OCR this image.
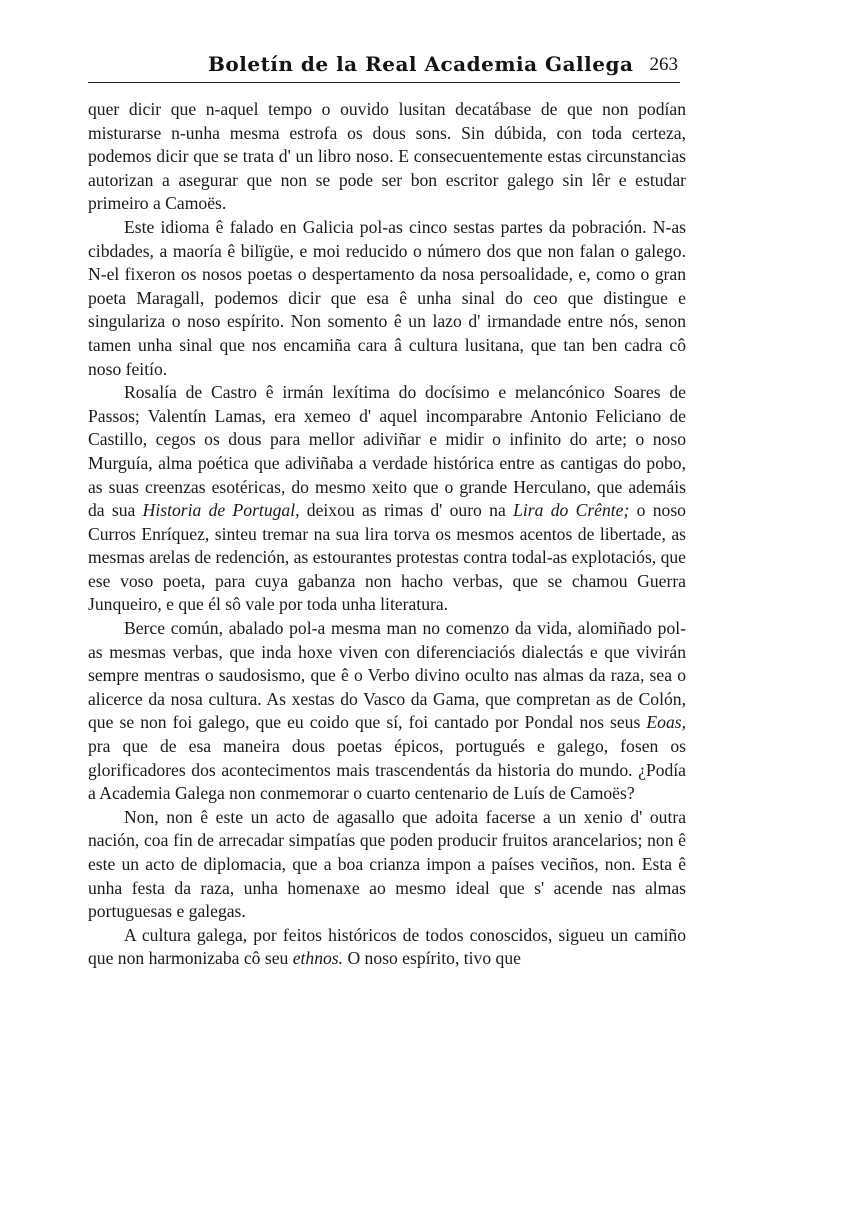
Boletín de la Real Academia Gallega 263

quer dicir que n-aquel tempo o ouvido lusitan decatábase de que non podían misturarse n-unha mesma estrofa os dous sons. Sin dúbida, con toda certeza, podemos dicir que se trata d' un libro noso. E consecuentemente estas circunstancias autorizan a asegurar que non se pode ser bon escritor galego sin lêr e estudar primeiro a Camoës.

Este idioma ê falado en Galicia pol-as cinco sestas partes da pobración. N-as cibdades, a maoría ê bilïgüe, e moi reducido o número dos que non falan o galego. N-el fixeron os nosos poetas o despertamento da nosa persoalidade, e, como o gran poeta Maragall, podemos dicir que esa ê unha sinal do ceo que distingue e singulariza o noso espírito. Non somento ê un lazo d' irmandade entre nós, senon tamen unha sinal que nos encamiña cara â cultura lusitana, que tan ben cadra cô noso feitío.

Rosalía de Castro ê irmán lexítima do docísimo e melancónico Soares de Passos; Valentín Lamas, era xemeo d' aquel incomparabre Antonio Feliciano de Castillo, cegos os dous para mellor adiviñar e midir o infinito do arte; o noso Murguía, alma poética que adiviñaba a verdade histórica entre as cantigas do pobo, as suas creenzas esotéricas, do mesmo xeito que o grande Herculano, que ademáis da sua Historia de Portugal, deixou as rimas d' ouro na Lira do Crênte; o noso Curros Enríquez, sinteu tremar na sua lira torva os mesmos acentos de libertade, as mesmas arelas de redención, as estourantes protestas contra todal-as explotaciós, que ese voso poeta, para cuya gabanza non hacho verbas, que se chamou Guerra Junqueiro, e que él sô vale por toda unha literatura.

Berce común, abalado pol-a mesma man no comenzo da vida, alomiñado pol-as mesmas verbas, que inda hoxe viven con diferenciaciós dialectás e que vivirán sempre mentras o saudosismo, que ê o Verbo divino oculto nas almas da raza, sea o alicerce da nosa cultura. As xestas do Vasco da Gama, que compretan as de Colón, que se non foi galego, que eu coido que sí, foi cantado por Pondal nos seus Eoas, pra que de esa maneira dous poetas épicos, portugués e galego, fosen os glorificadores dos acontecimentos mais trascendentás da historia do mundo. ¿Podía a Academia Galega non conmemorar o cuarto centenario de Luís de Camoës?

Non, non ê este un acto de agasallo que adoita facerse a un xenio d' outra nación, coa fin de arrecadar simpatías que poden producir fruitos arancelarios; non ê este un acto de diplomacia, que a boa crianza impon a países veciños, non. Esta ê unha festa da raza, unha homenaxe ao mesmo ideal que s' acende nas almas portuguesas e galegas.

A cultura galega, por feitos históricos de todos conoscidos, sigueu un camiño que non harmonizaba cô seu ethnos. O noso espírito, tivo que
